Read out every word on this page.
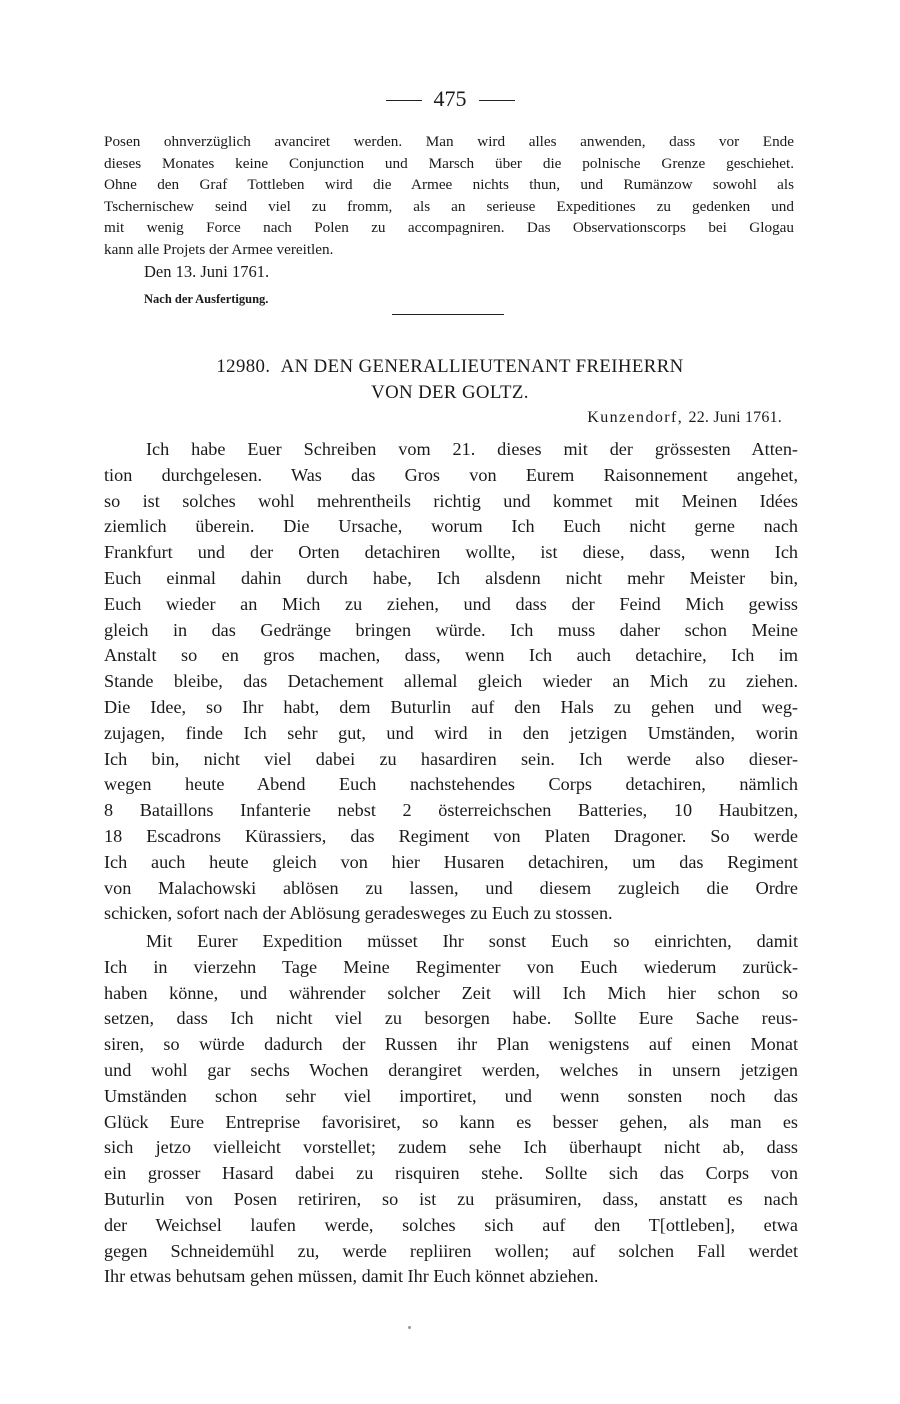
475
Posen ohnverzüglich avanciret werden. Man wird alles anwenden, dass vor Ende
dieses Monates keine Conjunction und Marsch über die polnische Grenze geschiehet.
Ohne den Graf Tottleben wird die Armee nichts thun, und Rumänzow sowohl als
Tschernischew seind viel zu fromm, als an serieuse Expeditiones zu gedenken und
mit wenig Force nach Polen zu accompagniren. Das Observationscorps bei Glogau
kann alle Projets der Armee vereitlen.
Den 13. Juni 1761.
Nach der Ausfertigung.
12980. AN DEN GENERALLIEUTENANT FREIHERRN
VON DER GOLTZ.
Kunzendorf, 22. Juni 1761.
Ich habe Euer Schreiben vom 21. dieses mit der grössesten Atten-
tion durchgelesen. Was das Gros von Eurem Raisonnement angehet,
so ist solches wohl mehrentheils richtig und kommet mit Meinen Idées
ziemlich überein. Die Ursache, worum Ich Euch nicht gerne nach
Frankfurt und der Orten detachiren wollte, ist diese, dass, wenn Ich
Euch einmal dahin durch habe, Ich alsdenn nicht mehr Meister bin,
Euch wieder an Mich zu ziehen, und dass der Feind Mich gewiss
gleich in das Gedränge bringen würde. Ich muss daher schon Meine
Anstalt so en gros machen, dass, wenn Ich auch detachire, Ich im
Stande bleibe, das Detachement allemal gleich wieder an Mich zu ziehen.
Die Idee, so Ihr habt, dem Buturlin auf den Hals zu gehen und weg-
zujagen, finde Ich sehr gut, und wird in den jetzigen Umständen, worin
Ich bin, nicht viel dabei zu hasardiren sein. Ich werde also dieser-
wegen heute Abend Euch nachstehendes Corps detachiren, nämlich
8 Bataillons Infanterie nebst 2 österreichschen Batteries, 10 Haubitzen,
18 Escadrons Kürassiers, das Regiment von Platen Dragoner. So werde
Ich auch heute gleich von hier Husaren detachiren, um das Regiment
von Malachowski ablösen zu lassen, und diesem zugleich die Ordre
schicken, sofort nach der Ablösung geradesweges zu Euch zu stossen.
Mit Eurer Expedition müsset Ihr sonst Euch so einrichten, damit
Ich in vierzehn Tage Meine Regimenter von Euch wiederum zurück-
haben könne, und währender solcher Zeit will Ich Mich hier schon so
setzen, dass Ich nicht viel zu besorgen habe. Sollte Eure Sache reus-
siren, so würde dadurch der Russen ihr Plan wenigstens auf einen Monat
und wohl gar sechs Wochen derangiret werden, welches in unsern jetzigen
Umständen schon sehr viel importiret, und wenn sonsten noch das
Glück Eure Entreprise favorisiret, so kann es besser gehen, als man es
sich jetzo vielleicht vorstellet; zudem sehe Ich überhaupt nicht ab, dass
ein grosser Hasard dabei zu risquiren stehe. Sollte sich das Corps von
Buturlin von Posen retiriren, so ist zu präsumiren, dass, anstatt es nach
der Weichsel laufen werde, solches sich auf den T[ottleben], etwa
gegen Schneidemühl zu, werde repliiren wollen; auf solchen Fall werdet
Ihr etwas behutsam gehen müssen, damit Ihr Euch könnet abziehen.
